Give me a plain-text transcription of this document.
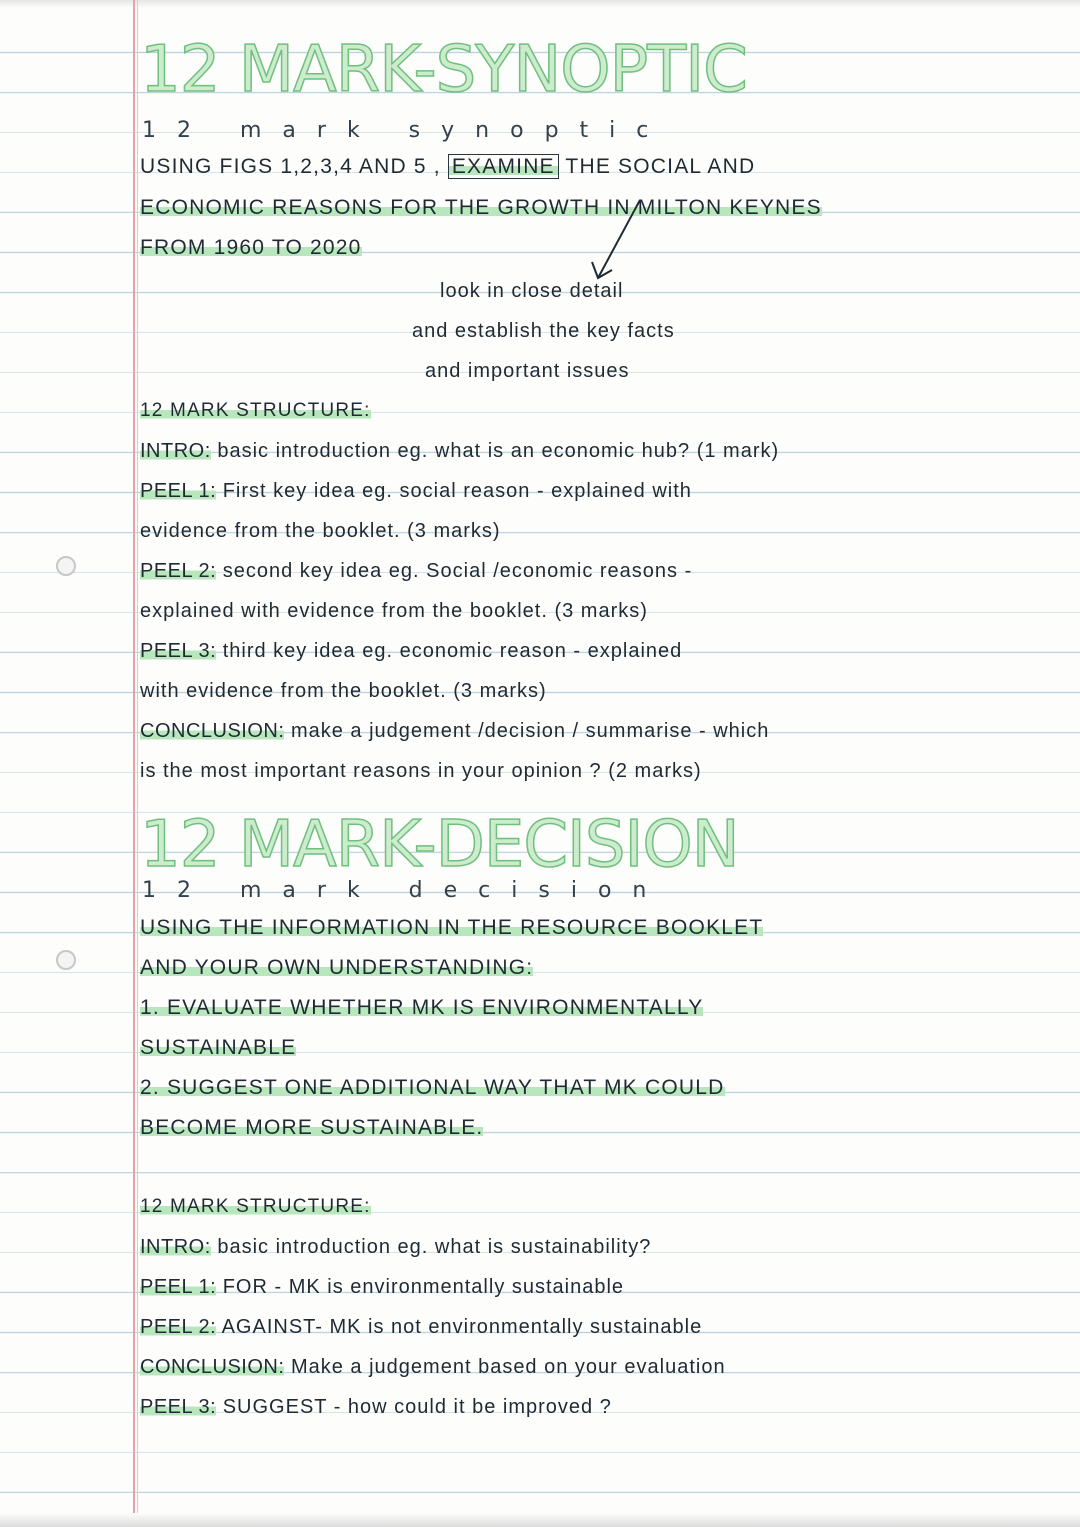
12 MARK-SYNOPTIC

12 mark synoptic

USING FIGS 1,2,3,4 AND 5 , EXAMINE THE SOCIAL AND

ECONOMIC REASONS FOR THE GROWTH IN MILTON KEYNES

FROM 1960 TO 2020

look in close detail

and establish the key facts

and important issues

12 MARK STRUCTURE:

INTRO: basic introduction eg. what is an economic hub? (1 mark)

PEEL 1: First key idea eg. social reason - explained with

evidence from the booklet. (3 marks)

PEEL 2: second key idea eg. Social /economic reasons -

explained with evidence from the booklet. (3 marks)

PEEL 3: third key idea eg. economic reason - explained

with evidence from the booklet. (3 marks)

CONCLUSION: make a judgement /decision / summarise - which

is the most important reasons in your opinion ? (2 marks)

12 MARK-DECISION

12 mark decision

USING THE INFORMATION IN THE RESOURCE BOOKLET

AND YOUR OWN UNDERSTANDING:

1. EVALUATE WHETHER MK IS ENVIRONMENTALLY

SUSTAINABLE

2. SUGGEST ONE ADDITIONAL WAY THAT MK COULD

BECOME MORE SUSTAINABLE.

12 MARK STRUCTURE:

INTRO: basic introduction eg. what is sustainability?

PEEL 1: FOR - MK is environmentally sustainable

PEEL 2: AGAINST- MK is not environmentally sustainable

CONCLUSION: Make a judgement based on your evaluation

PEEL 3: SUGGEST - how could it be improved ?
